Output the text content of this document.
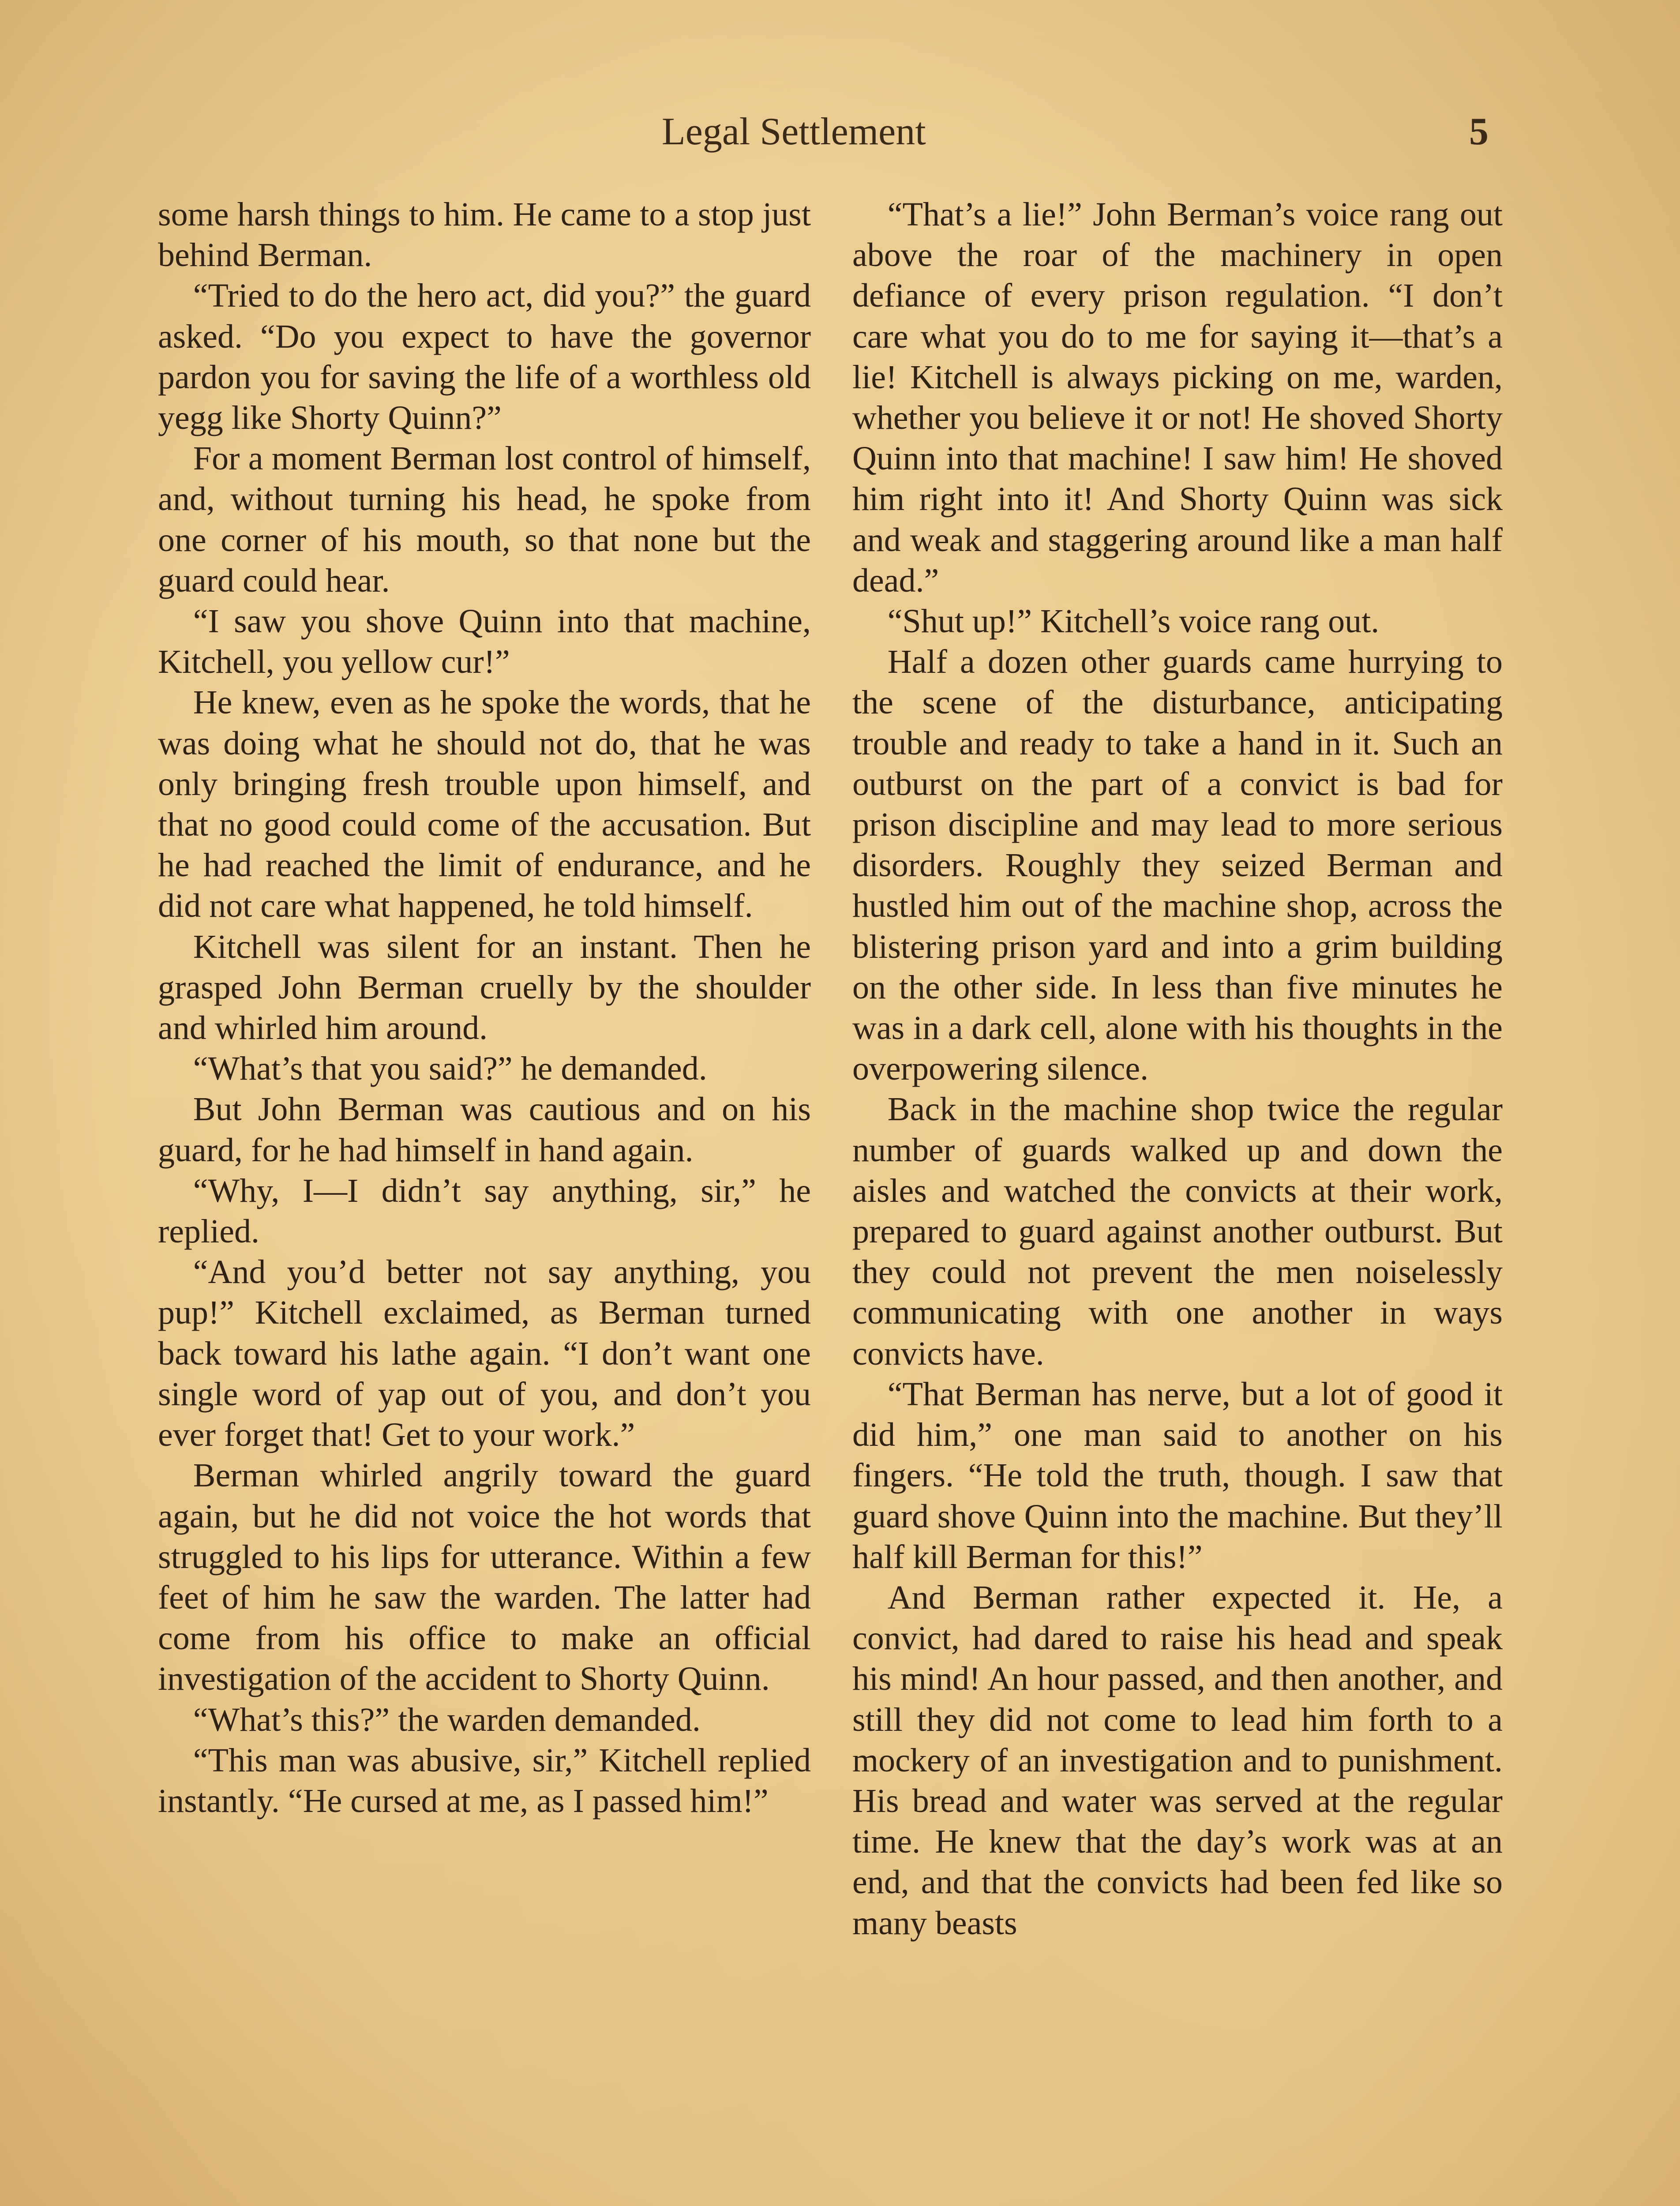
Legal Settlement	5

some harsh things to him. He came to a stop just behind Berman.

“Tried to do the hero act, did you?” the guard asked. “Do you expect to have the governor pardon you for saving the life of a worthless old yegg like Shorty Quinn?”

For a moment Berman lost control of himself, and, without turning his head, he spoke from one corner of his mouth, so that none but the guard could hear.

“I saw you shove Quinn into that machine, Kitchell, you yellow cur!”

He knew, even as he spoke the words, that he was doing what he should not do, that he was only bringing fresh trouble upon himself, and that no good could come of the accusation. But he had reached the limit of endurance, and he did not care what happened, he told himself.

Kitchell was silent for an instant. Then he grasped John Berman cruelly by the shoulder and whirled him around.

“What’s that you said?” he demanded.

But John Berman was cautious and on his guard, for he had himself in hand again.

“Why, I—I didn’t say anything, sir,” he replied.

“And you’d better not say anything, you pup!” Kitchell exclaimed, as Berman turned back toward his lathe again. “I don’t want one single word of yap out of you, and don’t you ever forget that! Get to your work.”

Berman whirled angrily toward the guard again, but he did not voice the hot words that struggled to his lips for utterance. Within a few feet of him he saw the warden. The latter had come from his office to make an official investigation of the accident to Shorty Quinn.

“What’s this?” the warden demanded.

“This man was abusive, sir,” Kitchell replied instantly. “He cursed at me, as I passed him!”

“That’s a lie!” John Berman’s voice rang out above the roar of the machinery in open defiance of every prison regulation. “I don’t care what you do to me for saying it—that’s a lie! Kitchell is always picking on me, warden, whether you believe it or not! He shoved Shorty Quinn into that machine! I saw him! He shoved him right into it! And Shorty Quinn was sick and weak and staggering around like a man half dead.”

“Shut up!” Kitchell’s voice rang out.

Half a dozen other guards came hurrying to the scene of the disturbance, anticipating trouble and ready to take a hand in it. Such an outburst on the part of a convict is bad for prison discipline and may lead to more serious disorders. Roughly they seized Berman and hustled him out of the machine shop, across the blistering prison yard and into a grim building on the other side. In less than five minutes he was in a dark cell, alone with his thoughts in the overpowering silence.

Back in the machine shop twice the regular number of guards walked up and down the aisles and watched the convicts at their work, prepared to guard against another outburst. But they could not prevent the men noiselessly communicating with one another in ways convicts have.

“That Berman has nerve, but a lot of good it did him,” one man said to another on his fingers. “He told the truth, though. I saw that guard shove Quinn into the machine. But they’ll half kill Berman for this!”

And Berman rather expected it. He, a convict, had dared to raise his head and speak his mind! An hour passed, and then another, and still they did not come to lead him forth to a mockery of an investigation and to punishment. His bread and water was served at the regular time. He knew that the day’s work was at an end, and that the convicts had been fed like so many beasts
